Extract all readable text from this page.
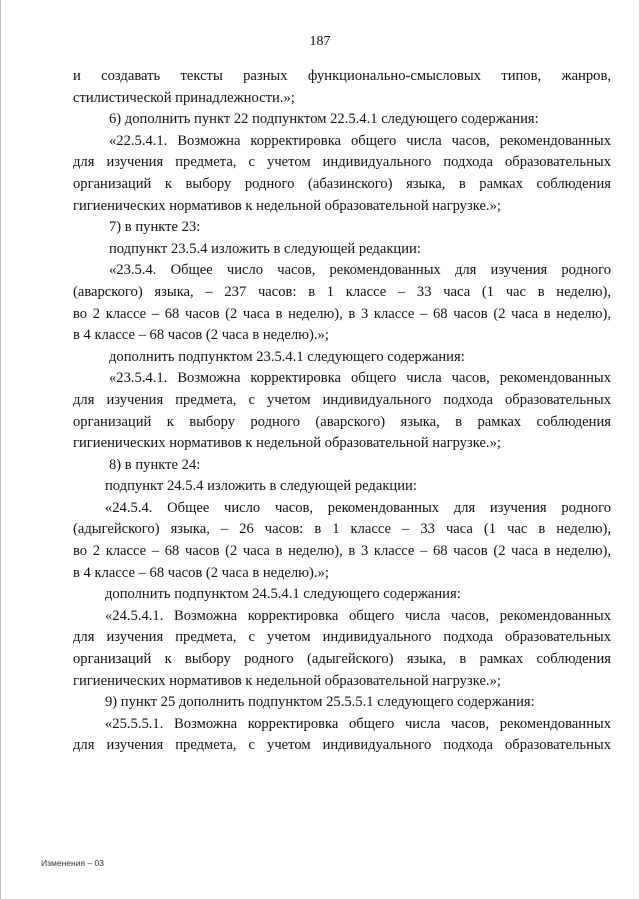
187
и создавать тексты разных функционально-смысловых типов, жанров,
стилистической принадлежности.»;
6) дополнить пункт 22 подпунктом 22.5.4.1 следующего содержания:
«22.5.4.1. Возможна корректировка общего числа часов, рекомендованных
для изучения предмета, с учетом индивидуального подхода образовательных
организаций к выбору родного (абазинского) языка, в рамках соблюдения
гигиенических нормативов к недельной образовательной нагрузке.»;
7) в пункте 23:
подпункт 23.5.4 изложить в следующей редакции:
«23.5.4. Общее число часов, рекомендованных для изучения родного
(аварского) языка, – 237 часов: в 1 классе – 33 часа (1 час в неделю),
во 2 классе – 68 часов (2 часа в неделю), в 3 классе – 68 часов (2 часа в неделю),
в 4 классе – 68 часов (2 часа в неделю).»;
дополнить подпунктом 23.5.4.1 следующего содержания:
«23.5.4.1. Возможна корректировка общего числа часов, рекомендованных
для изучения предмета, с учетом индивидуального подхода образовательных
организаций к выбору родного (аварского) языка, в рамках соблюдения
гигиенических нормативов к недельной образовательной нагрузке.»;
8) в пункте 24:
подпункт 24.5.4 изложить в следующей редакции:
«24.5.4. Общее число часов, рекомендованных для изучения родного
(адыгейского) языка, – 26 часов: в 1 классе – 33 часа (1 час в неделю),
во 2 классе – 68 часов (2 часа в неделю), в 3 классе – 68 часов (2 часа в неделю),
в 4 классе – 68 часов (2 часа в неделю).»;
дополнить подпунктом 24.5.4.1 следующего содержания:
«24.5.4.1. Возможна корректировка общего числа часов, рекомендованных
для изучения предмета, с учетом индивидуального подхода образовательных
организаций к выбору родного (адыгейского) языка, в рамках соблюдения
гигиенических нормативов к недельной образовательной нагрузке.»;
9) пункт 25 дополнить подпунктом 25.5.5.1 следующего содержания:
«25.5.5.1. Возможна корректировка общего числа часов, рекомендованных
для изучения предмета, с учетом индивидуального подхода образовательных
Изменения – 03
